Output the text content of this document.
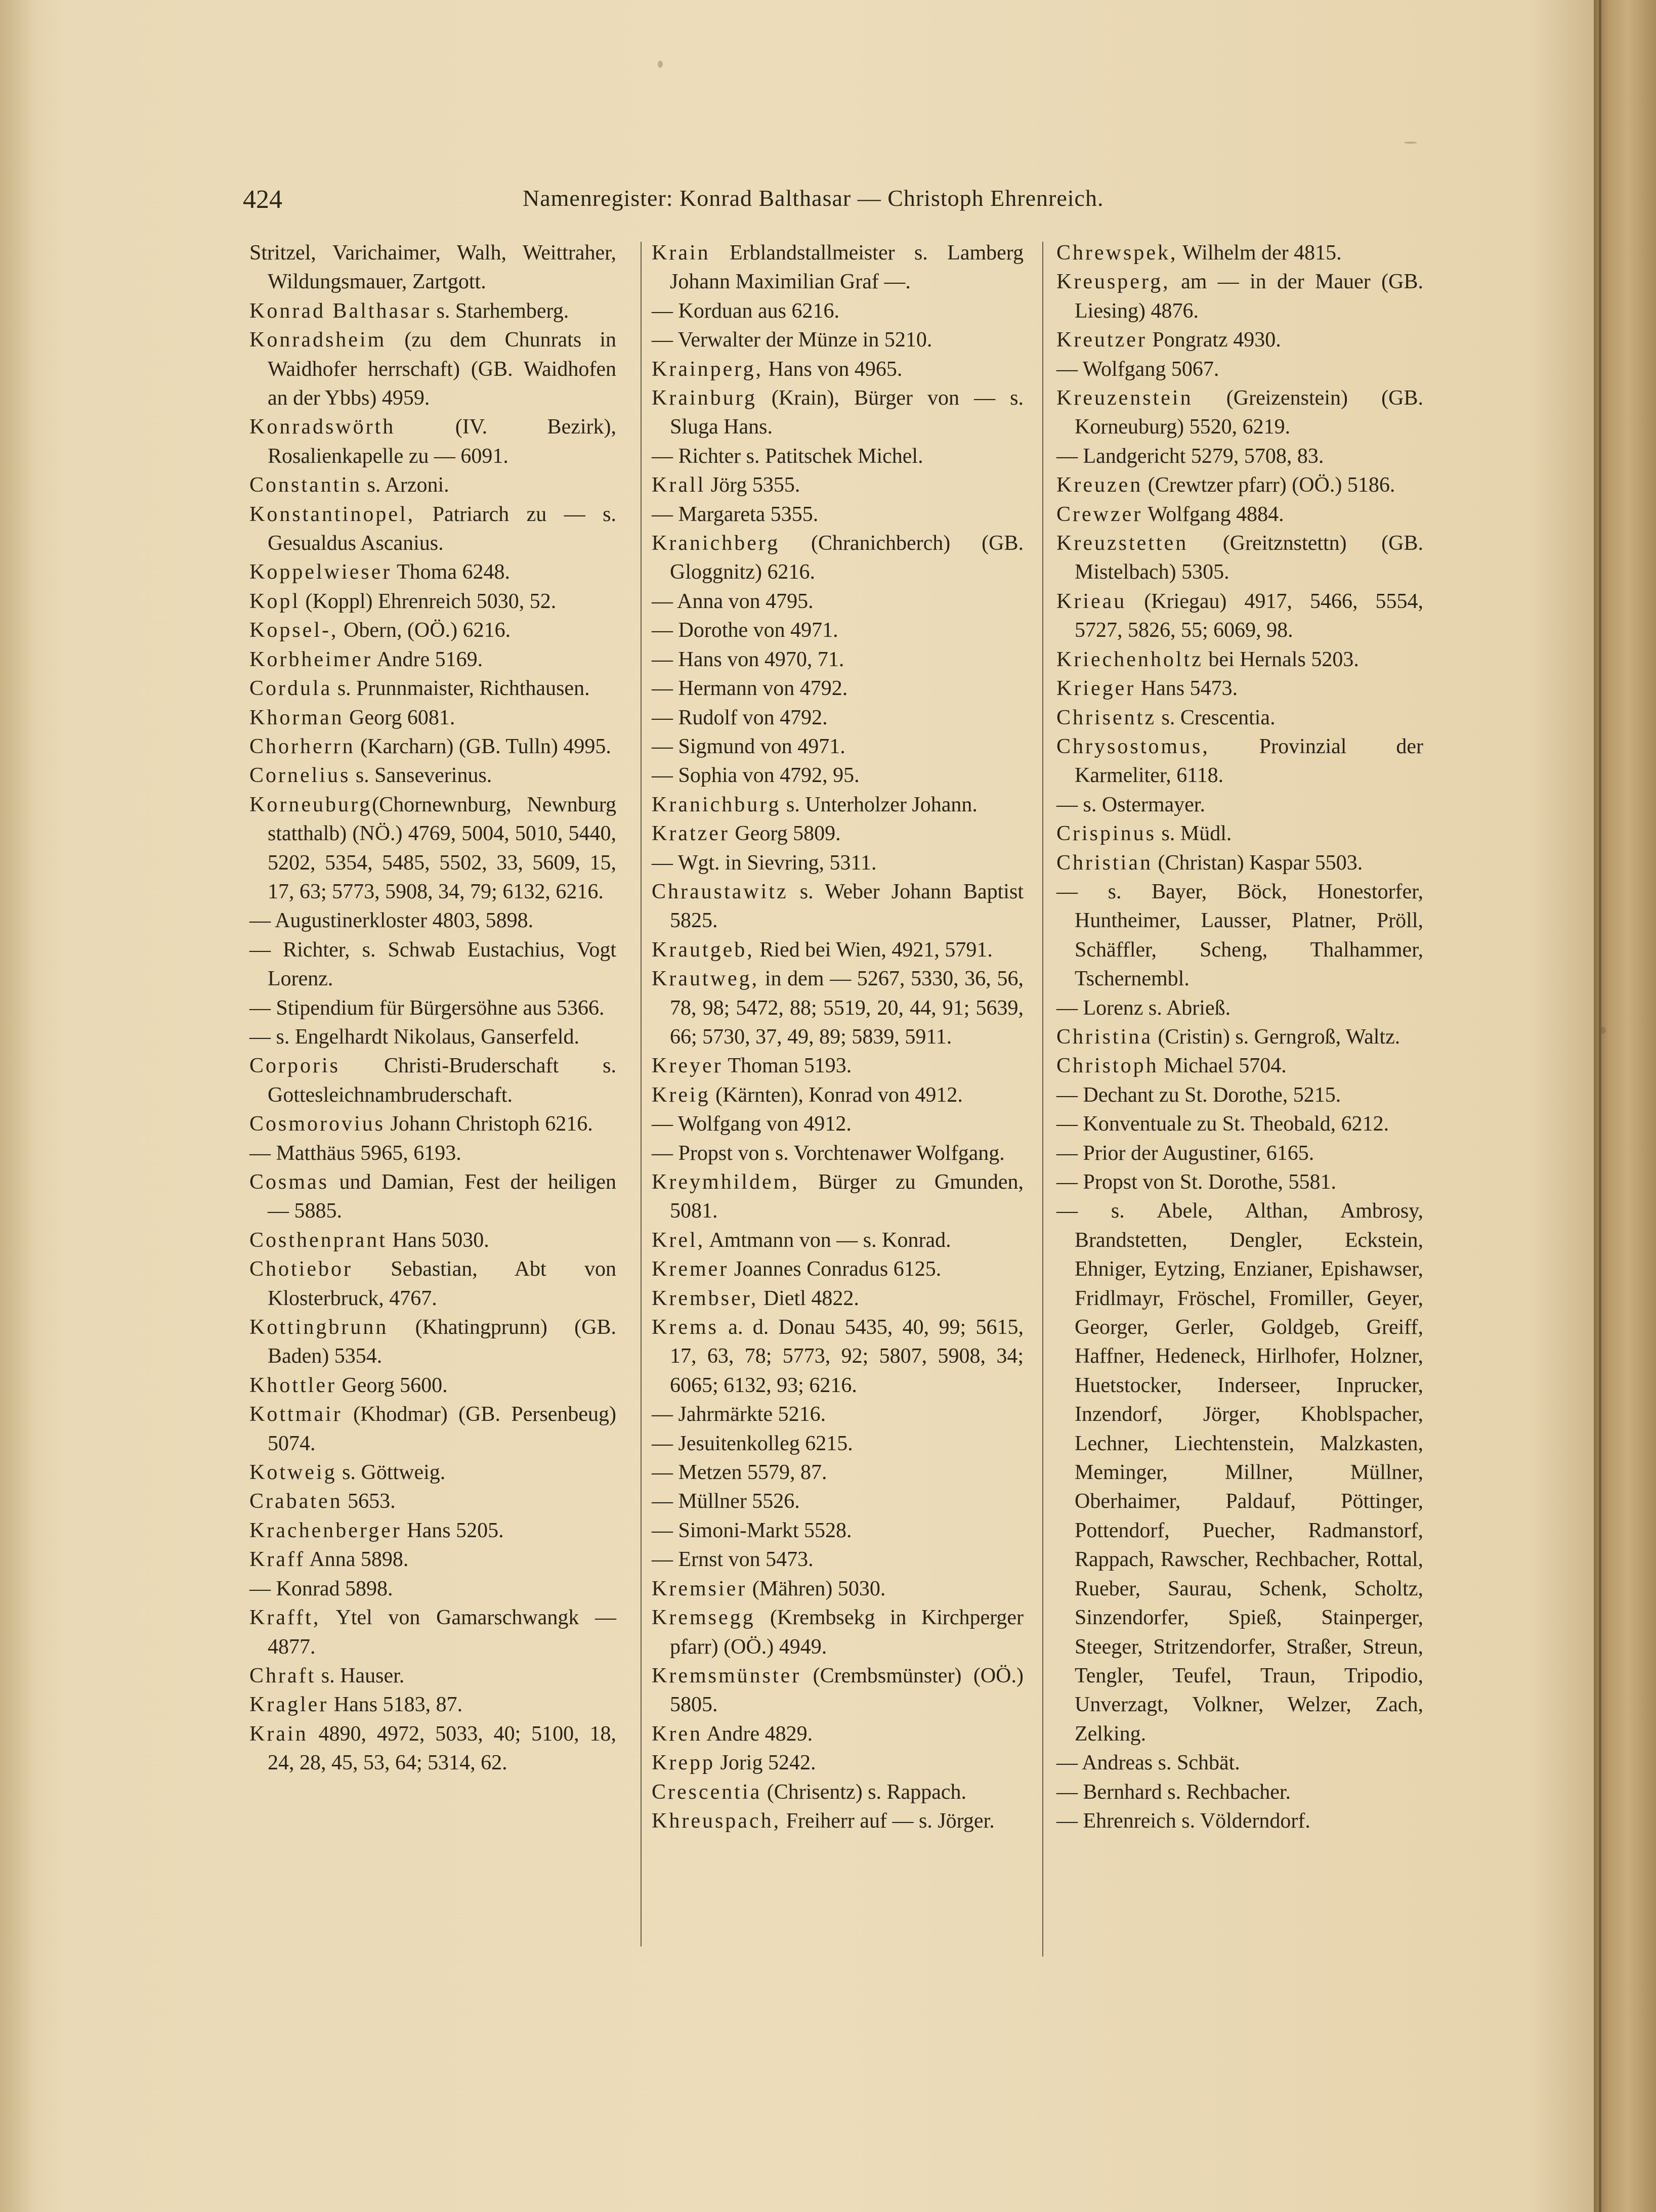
424	Namenregister: Konrad Balthasar — Christoph Ehrenreich.
Stritzel, Varichaimer, Walh, Weittraher, Wildungsmauer, Zartgott.
Konrad Balthasar s. Starhemberg.
Konradsheim (zu dem Chunrats in Waidhofer herrschaft) (GB. Waidhofen an der Ybbs) 4959.
Konradswörth (IV. Bezirk), Rosalienkapelle zu — 6091.
Constantin s. Arzoni.
Konstantinopel, Patriarch zu — s. Gesualdus Ascanius.
Koppelwieser Thoma 6248.
Kopl (Koppl) Ehrenreich 5030, 52.
Kopsel-, Obern, (OÖ.) 6216.
Korbheimer Andre 5169.
Cordula s. Prunnmaister, Richthausen.
Khorman Georg 6081.
Chorherrn (Karcharn) (GB. Tulln) 4995.
Cornelius s. Sanseverinus.
Korneuburg(Chornewnburg, Newnburg statthalb) (NÖ.) 4769, 5004, 5010, 5440, 5202, 5354, 5485, 5502, 33, 5609, 15, 17, 63; 5773, 5908, 34, 79; 6132, 6216.
— Augustinerkloster 4803, 5898.
— Richter, s. Schwab Eustachius, Vogt Lorenz.
— Stipendium für Bürgersöhne aus 5366.
— s. Engelhardt Nikolaus, Ganserfeld.
Corporis Christi-Bruderschaft s. Gottesleichnambruderschaft.
Cosmorovius Johann Christoph 6216.
— Matthäus 5965, 6193.
Cosmas und Damian, Fest der heiligen — 5885.
Costhenprant Hans 5030.
Chotiebor Sebastian, Abt von Klosterbruck, 4767.
Kottingbrunn (Khatingprunn) (GB. Baden) 5354.
Khottler Georg 5600.
Kottmair (Khodmar) (GB. Persenbeug) 5074.
Kotweig s. Göttweig.
Crabaten 5653.
Krachenberger Hans 5205.
Kraff Anna 5898.
— Konrad 5898.
Krafft, Ytel von Gamarschwangk — 4877.
Chraft s. Hauser.
Kragler Hans 5183, 87.
Krain 4890, 4972, 5033, 40; 5100, 18, 24, 28, 45, 53, 64; 5314, 62.
Krain Erblandstallmeister s. Lamberg Johann Maximilian Graf —.
— Korduan aus 6216.
— Verwalter der Münze in 5210.
Krainperg, Hans von 4965.
Krainburg (Krain), Bürger von — s. Sluga Hans.
— Richter s. Patitschek Michel.
Krall Jörg 5355.
— Margareta 5355.
Kranichberg (Chranichberch) (GB. Gloggnitz) 6216.
— Anna von 4795.
— Dorothe von 4971.
— Hans von 4970, 71.
— Hermann von 4792.
— Rudolf von 4792.
— Sigmund von 4971.
— Sophia von 4792, 95.
Kranichburg s. Unterholzer Johann.
Kratzer Georg 5809.
— Wgt. in Sievring, 5311.
Chraustawitz s. Weber Johann Baptist 5825.
Krautgeb, Ried bei Wien, 4921, 5791.
Krautweg, in dem — 5267, 5330, 36, 56, 78, 98; 5472, 88; 5519, 20, 44, 91; 5639, 66; 5730, 37, 49, 89; 5839, 5911.
Kreyer Thoman 5193.
Kreig (Kärnten), Konrad von 4912.
— Wolfgang von 4912.
— Propst von s. Vorchtenawer Wolfgang.
Kreymhildem, Bürger zu Gmunden, 5081.
Krel, Amtmann von — s. Konrad.
Kremer Joannes Conradus 6125.
Krembser, Dietl 4822.
Krems a. d. Donau 5435, 40, 99; 5615, 17, 63, 78; 5773, 92; 5807, 5908, 34; 6065; 6132, 93; 6216.
— Jahrmärkte 5216.
— Jesuitenkolleg 6215.
— Metzen 5579, 87.
— Müllner 5526.
— Simoni-Markt 5528.
— Ernst von 5473.
Kremsier (Mähren) 5030.
Kremsegg (Krembsekg in Kirchperger pfarr) (OÖ.) 4949.
Kremsmünster (Crembsmünster) (OÖ.) 5805.
Kren Andre 4829.
Krepp Jorig 5242.
Crescentia (Chrisentz) s. Rappach.
Khreuspach, Freiherr auf — s. Jörger.
Chrewspek, Wilhelm der 4815.
Kreusperg, am — in der Mauer (GB. Liesing) 4876.
Kreutzer Pongratz 4930.
— Wolfgang 5067.
Kreuzenstein (Greizenstein) (GB. Korneuburg) 5520, 6219.
— Landgericht 5279, 5708, 83.
Kreuzen (Crewtzer pfarr) (OÖ.) 5186.
Crewzer Wolfgang 4884.
Kreuzstetten (Greitznstettn) (GB. Mistelbach) 5305.
Krieau (Kriegau) 4917, 5466, 5554, 5727, 5826, 55; 6069, 98.
Kriechenholtz bei Hernals 5203.
Krieger Hans 5473.
Chrisentz s. Crescentia.
Chrysostomus, Provinzial der Karmeliter, 6118.
— s. Ostermayer.
Crispinus s. Müdl.
Christian (Christan) Kaspar 5503.
— s. Bayer, Böck, Honestorfer, Huntheimer, Lausser, Platner, Pröll, Schäffler, Scheng, Thalhammer, Tschernembl.
— Lorenz s. Abrieß.
Christina (Cristin) s. Gerngroß, Waltz.
Christoph Michael 5704.
— Dechant zu St. Dorothe, 5215.
— Konventuale zu St. Theobald, 6212.
— Prior der Augustiner, 6165.
— Propst von St. Dorothe, 5581.
— s. Abele, Althan, Ambrosy, Brandstetten, Dengler, Eckstein, Ehniger, Eytzing, Enzianer, Epishawser, Fridlmayr, Fröschel, Fromiller, Geyer, Georger, Gerler, Goldgeb, Greiff, Haffner, Hedeneck, Hirlhofer, Holzner, Huetstocker, Inderseer, Inprucker, Inzendorf, Jörger, Khoblspacher, Lechner, Liechtenstein, Malzkasten, Meminger, Millner, Müllner, Oberhaimer, Paldauf, Pöttinger, Pottendorf, Puecher, Radmanstorf, Rappach, Rawscher, Rechbacher, Rottal, Rueber, Saurau, Schenk, Scholtz, Sinzendorfer, Spieß, Stainperger, Steeger, Stritzendorfer, Straßer, Streun, Tengler, Teufel, Traun, Tripodio, Unverzagt, Volkner, Welzer, Zach, Zelking.
— Andreas s. Schbät.
— Bernhard s. Rechbacher.
— Ehrenreich s. Völderndorf.
